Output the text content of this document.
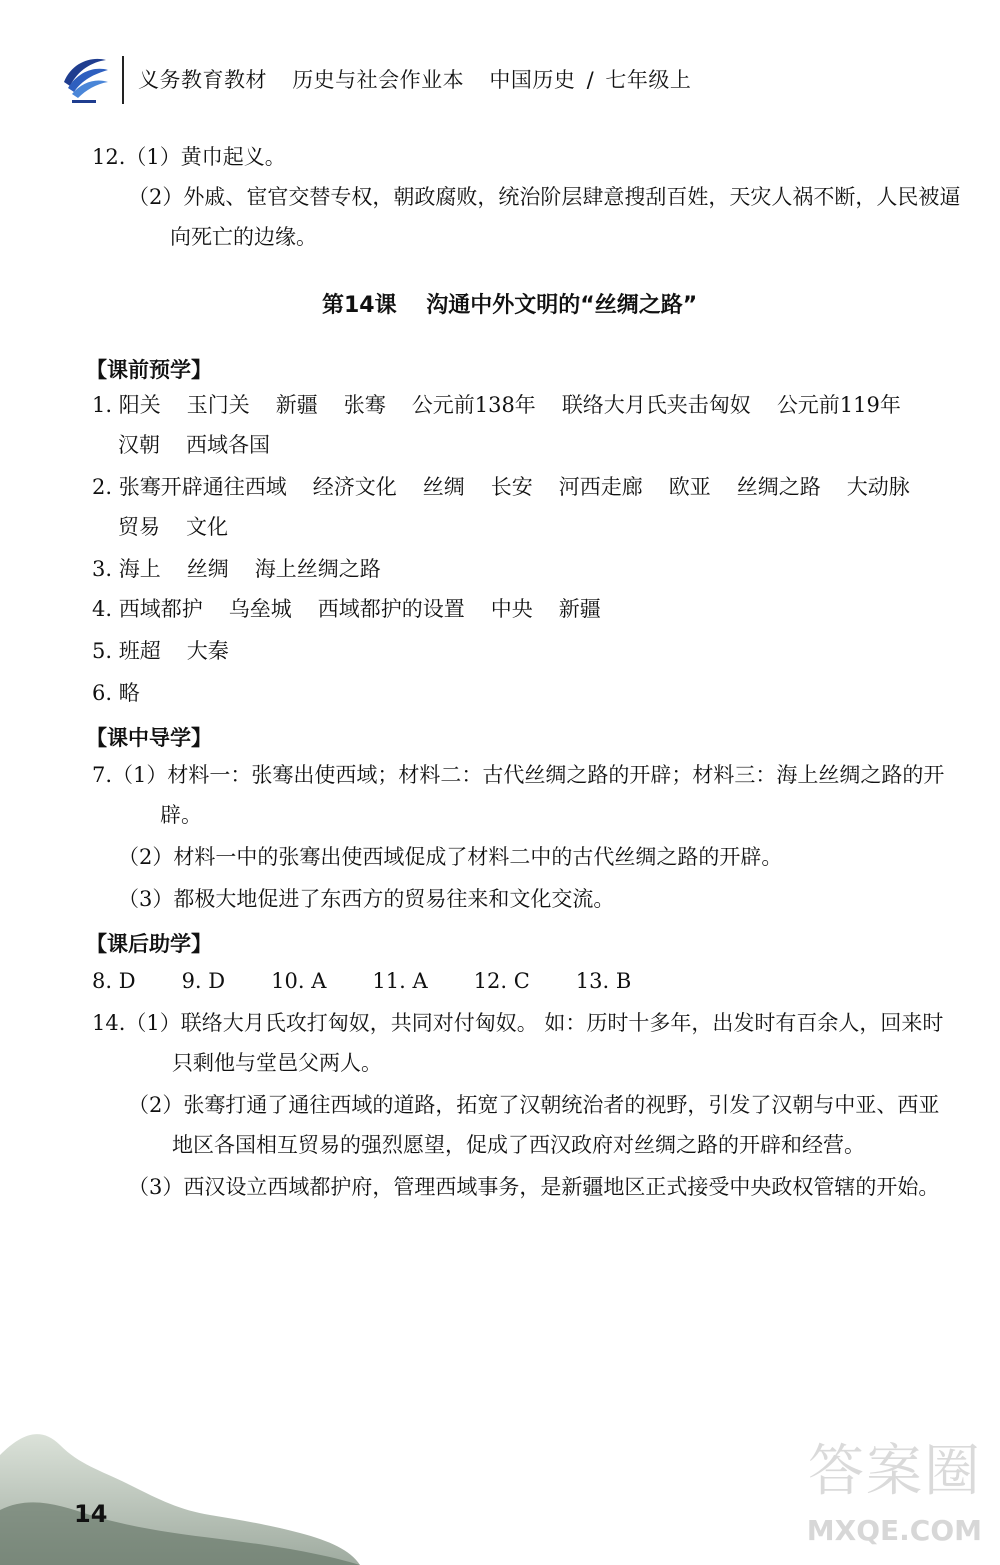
义务教育教材 历史与社会作业本 中国历史 / 七年级上
12.（1）黄巾起义。
（2）外戚、宦官交替专权，朝政腐败，统治阶层肆意搜刮百姓，天灾人祸不断，人民被逼
向死亡的边缘。
第14课 沟通中外文明的“丝绸之路”
【课前预学】
1. 阳关 玉门关 新疆 张骞 公元前138年 联络大月氏夹击匈奴 公元前119年
汉朝 西域各国
2. 张骞开辟通往西域 经济文化 丝绸 长安 河西走廊 欧亚 丝绸之路 大动脉
贸易 文化
3. 海上 丝绸 海上丝绸之路
4. 西域都护 乌垒城 西域都护的设置 中央 新疆
5. 班超 大秦
6. 略
【课中导学】
7.（1）材料一：张骞出使西域；材料二：古代丝绸之路的开辟；材料三：海上丝绸之路的开
辟。
（2）材料一中的张骞出使西域促成了材料二中的古代丝绸之路的开辟。
（3）都极大地促进了东西方的贸易往来和文化交流。
【课后助学】
8. D 9. D 10. A 11. A 12. C 13. B
14.（1）联络大月氏攻打匈奴，共同对付匈奴。 如：历时十多年，出发时有百余人，回来时
只剩他与堂邑父两人。
（2）张骞打通了通往西域的道路，拓宽了汉朝统治者的视野，引发了汉朝与中亚、西亚
地区各国相互贸易的强烈愿望，促成了西汉政府对丝绸之路的开辟和经营。
（3）西汉设立西域都护府，管理西域事务，是新疆地区正式接受中央政权管辖的开始。
14
答案圈
MXQE.COM
